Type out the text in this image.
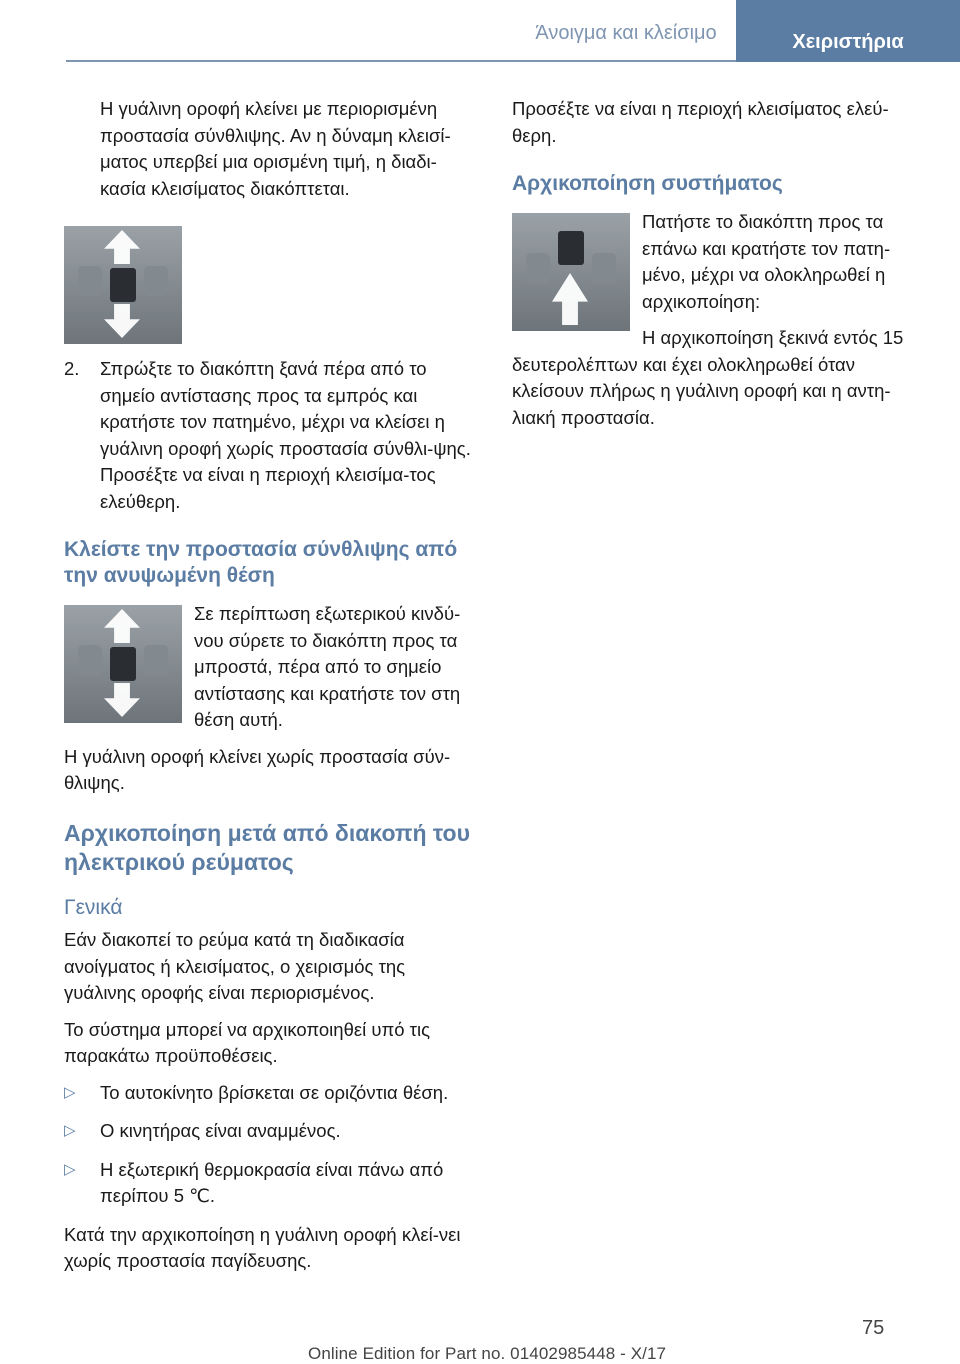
Άνοιγμα και κλείσιμο	Χειριστήρια

Η γυάλινη οροφή κλείνει με περιορισμένη προστασία σύνθλιψης. Αν η δύναμη κλεισί-ματος υπερβεί μια ορισμένη τιμή, η διαδι-κασία κλεισίματος διακόπτεται.

2.	Σπρώξτε το διακόπτη ξανά πέρα από το σημείο αντίστασης προς τα εμπρός και κρατήστε τον πατημένο, μέχρι να κλείσει η γυάλινη οροφή χωρίς προστασία σύνθλι-ψης. Προσέξτε να είναι η περιοχή κλεισίμα-τος ελεύθερη.
Κλείστε την προστασία σύνθλιψης από την ανυψωμένη θέση

Σε περίπτωση εξωτερικού κινδύ-νου σύρετε το διακόπτη προς τα μπροστά, πέρα από το σημείο αντίστασης και κρατήστε τον στη θέση αυτή.

Η γυάλινη οροφή κλείνει χωρίς προστασία σύν-θλιψης.

Αρχικοποίηση μετά από διακοπή του ηλεκτρικού ρεύματος
Γενικά

Εάν διακοπεί το ρεύμα κατά τη διαδικασία ανοίγματος ή κλεισίματος, ο χειρισμός της γυάλινης οροφής είναι περιορισμένος.

Το σύστημα μπορεί να αρχικοποιηθεί υπό τις παρακάτω προϋποθέσεις.

▷	Το αυτοκίνητο βρίσκεται σε οριζόντια θέση.
▷	Ο κινητήρας είναι αναμμένος.
▷	Η εξωτερική θερμοκρασία είναι πάνω από περίπου 5 ℃.

Κατά την αρχικοποίηση η γυάλινη οροφή κλεί-νει χωρίς προστασία παγίδευσης.

Προσέξτε να είναι η περιοχή κλεισίματος ελεύ-θερη.

Αρχικοποίηση συστήματος

Πατήστε το διακόπτη προς τα επάνω και κρατήστε τον πατη-μένο, μέχρι να ολοκληρωθεί η αρχικοποίηση:

Η αρχικοποίηση ξεκινά εντός 15 δευτερολέπτων και έχει ολοκληρωθεί όταν κλείσουν πλήρως η γυάλινη οροφή και η αντη-λιακή προστασία.

75
Online Edition for Part no. 01402985448 - X/17
